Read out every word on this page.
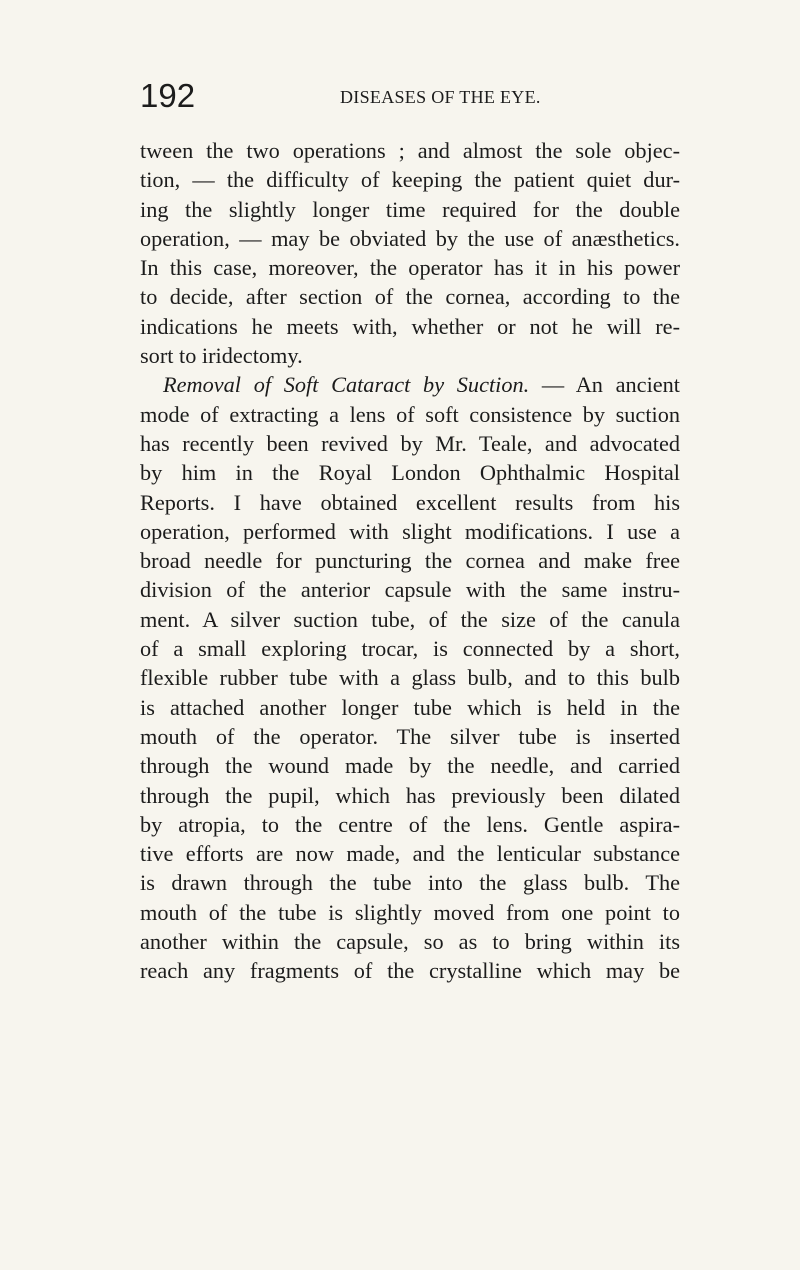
192	DISEASES OF THE EYE.
tween the two operations ; and almost the sole objec-
tion, — the difficulty of keeping the patient quiet dur-
ing the slightly longer time required for the double
operation, — may be obviated by the use of anæsthetics.
In this case, moreover, the operator has it in his power
to decide, after section of the cornea, according to the
indications he meets with, whether or not he will re-
sort to iridectomy.
Removal of Soft Cataract by Suction. — An ancient
mode of extracting a lens of soft consistence by suction
has recently been revived by Mr. Teale, and advocated
by him in the Royal London Ophthalmic Hospital
Reports. I have obtained excellent results from his
operation, performed with slight modifications. I use a
broad needle for puncturing the cornea and make free
division of the anterior capsule with the same instru-
ment. A silver suction tube, of the size of the canula
of a small exploring trocar, is connected by a short,
flexible rubber tube with a glass bulb, and to this bulb
is attached another longer tube which is held in the
mouth of the operator. The silver tube is inserted
through the wound made by the needle, and carried
through the pupil, which has previously been dilated
by atropia, to the centre of the lens. Gentle aspira-
tive efforts are now made, and the lenticular substance
is drawn through the tube into the glass bulb. The
mouth of the tube is slightly moved from one point to
another within the capsule, so as to bring within its
reach any fragments of the crystalline which may be
